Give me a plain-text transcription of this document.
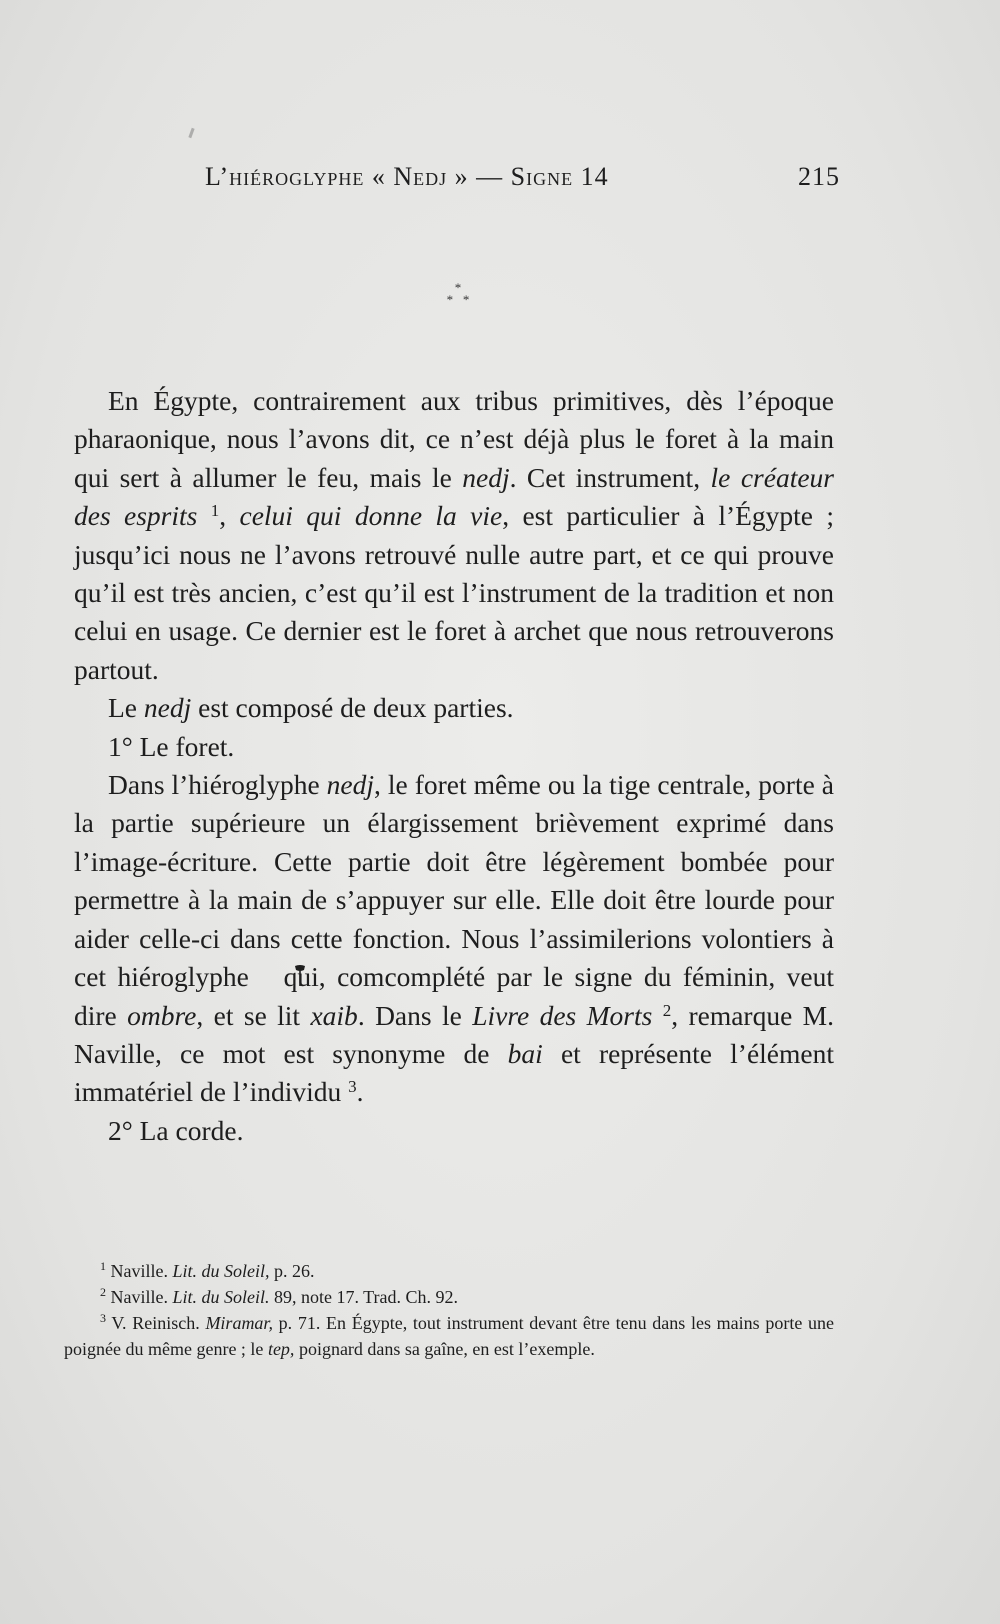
L’hiéroglyphe « Nedj » — Signe 14	215
*
*   *

En Égypte, contrairement aux tribus primitives, dès l’époque pharaonique, nous l’avons dit, ce n’est déjà plus le foret à la main qui sert à allumer le feu, mais le nedj. Cet instrument, le créateur des esprits $^1$, celui qui donne la vie, est particulier à l’Égypte ; jusqu’ici nous ne l’avons retrouvé nulle autre part, et ce qui prouve qu’il est très ancien, c’est qu’il est l’instrument de la tradition et non celui en usage. Ce dernier est le foret à archet que nous retrouverons partout.

Le nedj est composé de deux parties.

1° Le foret.

Dans l’hiéroglyphe nedj, le foret même ou la tige centrale, porte à la partie supérieure un élargissement brièvement exprimé dans l’image-écriture. Cette partie doit être légèrement bombée pour permettre à la main de s’appuyer sur elle. Elle doit être lourde pour aider celle-ci dans cette fonction. Nous l’assimilerions volontiers à cet hiéroglyphe  qui, comcomplété par le signe du féminin, veut dire ombre, et se lit xaib. Dans le Livre des Morts $^2$, remarque M. Naville, ce mot est synonyme de bai et représente l’élément immatériel de l’individu $^3$.

2° La corde.

$^1$ Naville. Lit. du Soleil, p. 26.

$^2$ Naville. Lit. du Soleil. 89, note 17. Trad. Ch. 92.

$^3$ V. Reinisch. Miramar, p. 71. En Égypte, tout instrument devant être tenu dans les mains porte une poignée du même genre ; le tep, poignard dans sa gaîne, en est l’exemple.
